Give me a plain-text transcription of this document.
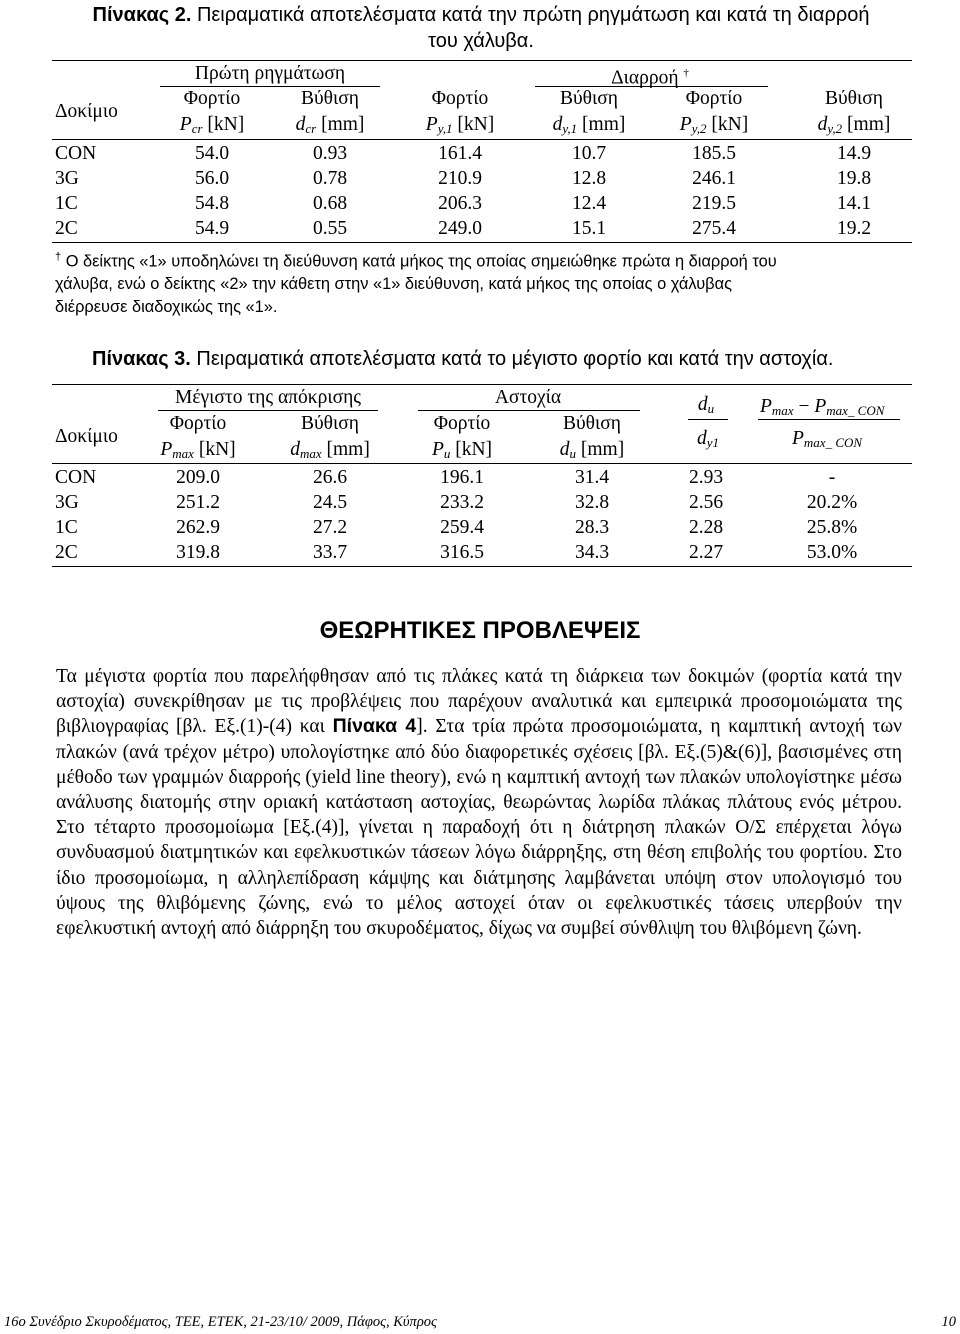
Πίνακας 2. Πειραματικά αποτελέσματα κατά την πρώτη ρηγμάτωση και κατά τη διαρροή
του χάλυβα.
Πρώτη ρηγμάτωση	Διαρροή †
Δοκίμιο
Φορτίο	Βύθιση	Φορτίο	Βύθιση	Φορτίο	Βύθιση
$P_{cr}$ [kN]	$d_{cr}$ [mm]	$P_{y,1}$ [kN]	$d_{y,1}$ [mm]	$P_{y,2}$ [kN]	$d_{y,2}$ [mm]
CON	54.0	0.93	161.4	10.7	185.5	14.9
3G	56.0	0.78	210.9	12.8	246.1	19.8
1C	54.8	0.68	206.3	12.4	219.5	14.1
2C	54.9	0.55	249.0	15.1	275.4	19.2
† Ο δείκτης «1» υποδηλώνει τη διεύθυνση κατά μήκος της οποίας σημειώθηκε πρώτα η διαρροή του
χάλυβα, ενώ ο δείκτης «2» την κάθετη στην «1» διεύθυνση, κατά μήκος της οποίας ο χάλυβας
διέρρευσε διαδοχικώς της «1».
Πίνακας 3. Πειραματικά αποτελέσματα κατά το μέγιστο φορτίο και κατά την αστοχία.
Μέγιστο της απόκρισης	Αστοχία
Δοκίμιο
Φορτίο	Βύθιση	Φορτίο	Βύθιση
$P_{max}$ [kN]	$d_{max}$ [mm]	$P_u$ [kN]	$d_u$ [mm]
$d_u$
$d_{y1}$
$P_{max} - P_{max\_ CON}$
$P_{max\_ CON}$
CON	209.0	26.6	196.1	31.4	2.93	-
3G	251.2	24.5	233.2	32.8	2.56	20.2%
1C	262.9	27.2	259.4	28.3	2.28	25.8%
2C	319.8	33.7	316.5	34.3	2.27	53.0%
ΘΕΩΡΗΤΙΚΕΣ ΠΡΟΒΛΕΨΕΙΣ
Τα μέγιστα φορτία που παρελήφθησαν από τις πλάκες κατά τη διάρκεια των δοκιμών (φορτία κατά την αστοχία) συνεκρίθησαν με τις προβλέψεις που παρέχουν αναλυτικά και εμπειρικά προσομοιώματα της βιβλιογραφίας [βλ. Εξ.(1)-(4) και Πίνακα 4]. Στα τρία πρώτα προσομοιώματα, η καμπτική αντοχή των πλακών (ανά τρέχον μέτρο) υπολογίστηκε από δύο διαφορετικές σχέσεις [βλ. Εξ.(5)&(6)], βασισμένες στη μέθοδο των γραμμών διαρροής (yield line theory), ενώ η καμπτική αντοχή των πλακών υπολογίστηκε μέσω ανάλυσης διατομής στην οριακή κατάσταση αστοχίας, θεωρώντας λωρίδα πλάκας πλάτους ενός μέτρου. Στο τέταρτο προσομοίωμα [Εξ.(4)], γίνεται η παραδοχή ότι η διάτρηση πλακών Ο/Σ επέρχεται λόγω συνδυασμού διατμητικών και εφελκυστικών τάσεων λόγω διάρρηξης, στη θέση επιβολής του φορτίου. Στο ίδιο προσομοίωμα, η αλληλεπίδραση κάμψης και διάτμησης λαμβάνεται υπόψη στον υπολογισμό του ύψους της θλιβόμενης ζώνης, ενώ το μέλος αστοχεί όταν οι εφελκυστικές τάσεις υπερβούν την εφελκυστική αντοχή από διάρρηξη του σκυροδέματος, δίχως να συμβεί σύνθλιψη του θλιβόμενη ζώνη.
16ο Συνέδριο Σκυροδέματος, ΤΕΕ, ΕΤΕΚ, 21-23/10/ 2009, Πάφος, Κύπρος	10
